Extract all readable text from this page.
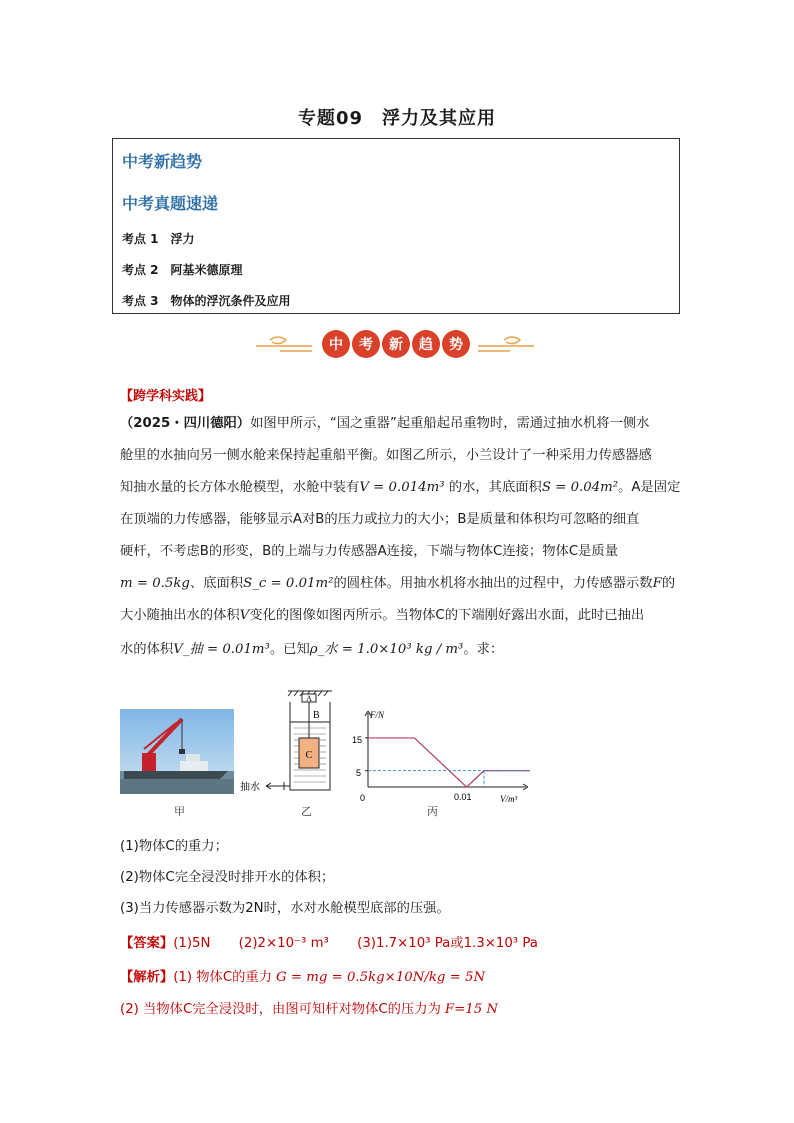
专题09　浮力及其应用
中考新趋势
中考真题速递
考点 1　浮力
考点 2　阿基米德原理
考点 3　物体的浮沉条件及应用
中 考 新 趋 势
【跨学科实践】
（2025・四川德阳）如图甲所示，“国之重器”起重船起吊重物时，需通过抽水机将一侧水
舱里的水抽向另一侧水舱来保持起重船平衡。如图乙所示，小兰设计了一种采用力传感器感
知抽水量的长方体水舱模型，水舱中装有V = 0.014m³ 的水，其底面积S = 0.04m²。A是固定
在顶端的力传感器，能够显示A对B的压力或拉力的大小；B是质量和体积均可忽略的细直
硬杆，不考虑B的形变，B的上端与力传感器A连接，下端与物体C连接；物体C是质量
m = 0.5kg、底面积S_c = 0.01m²的圆柱体。用抽水机将水抽出的过程中，力传感器示数F的
大小随抽出水的体积V变化的图像如图丙所示。当物体C的下端刚好露出水面，此时已抽出
水的体积V_抽 = 0.01m³。已知ρ_水 = 1.0×10³ kg / m³。求：
甲
A
B
C
抽水
乙
F/N
V/m³
0
15
5
0.01
丙
(1)物体C的重力；
(2)物体C完全浸没时排开水的体积；
(3)当力传感器示数为2N时，水对水舱模型底部的压强。
【答案】(1)5N (2)2×10⁻³ m³ (3)1.7×10³ Pa或1.3×10³ Pa
【解析】(1) 物体C的重力 G = mg = 0.5kg×10N/kg = 5N
(2) 当物体C完全浸没时，由图可知杆对物体C的压力为 F=15 N
